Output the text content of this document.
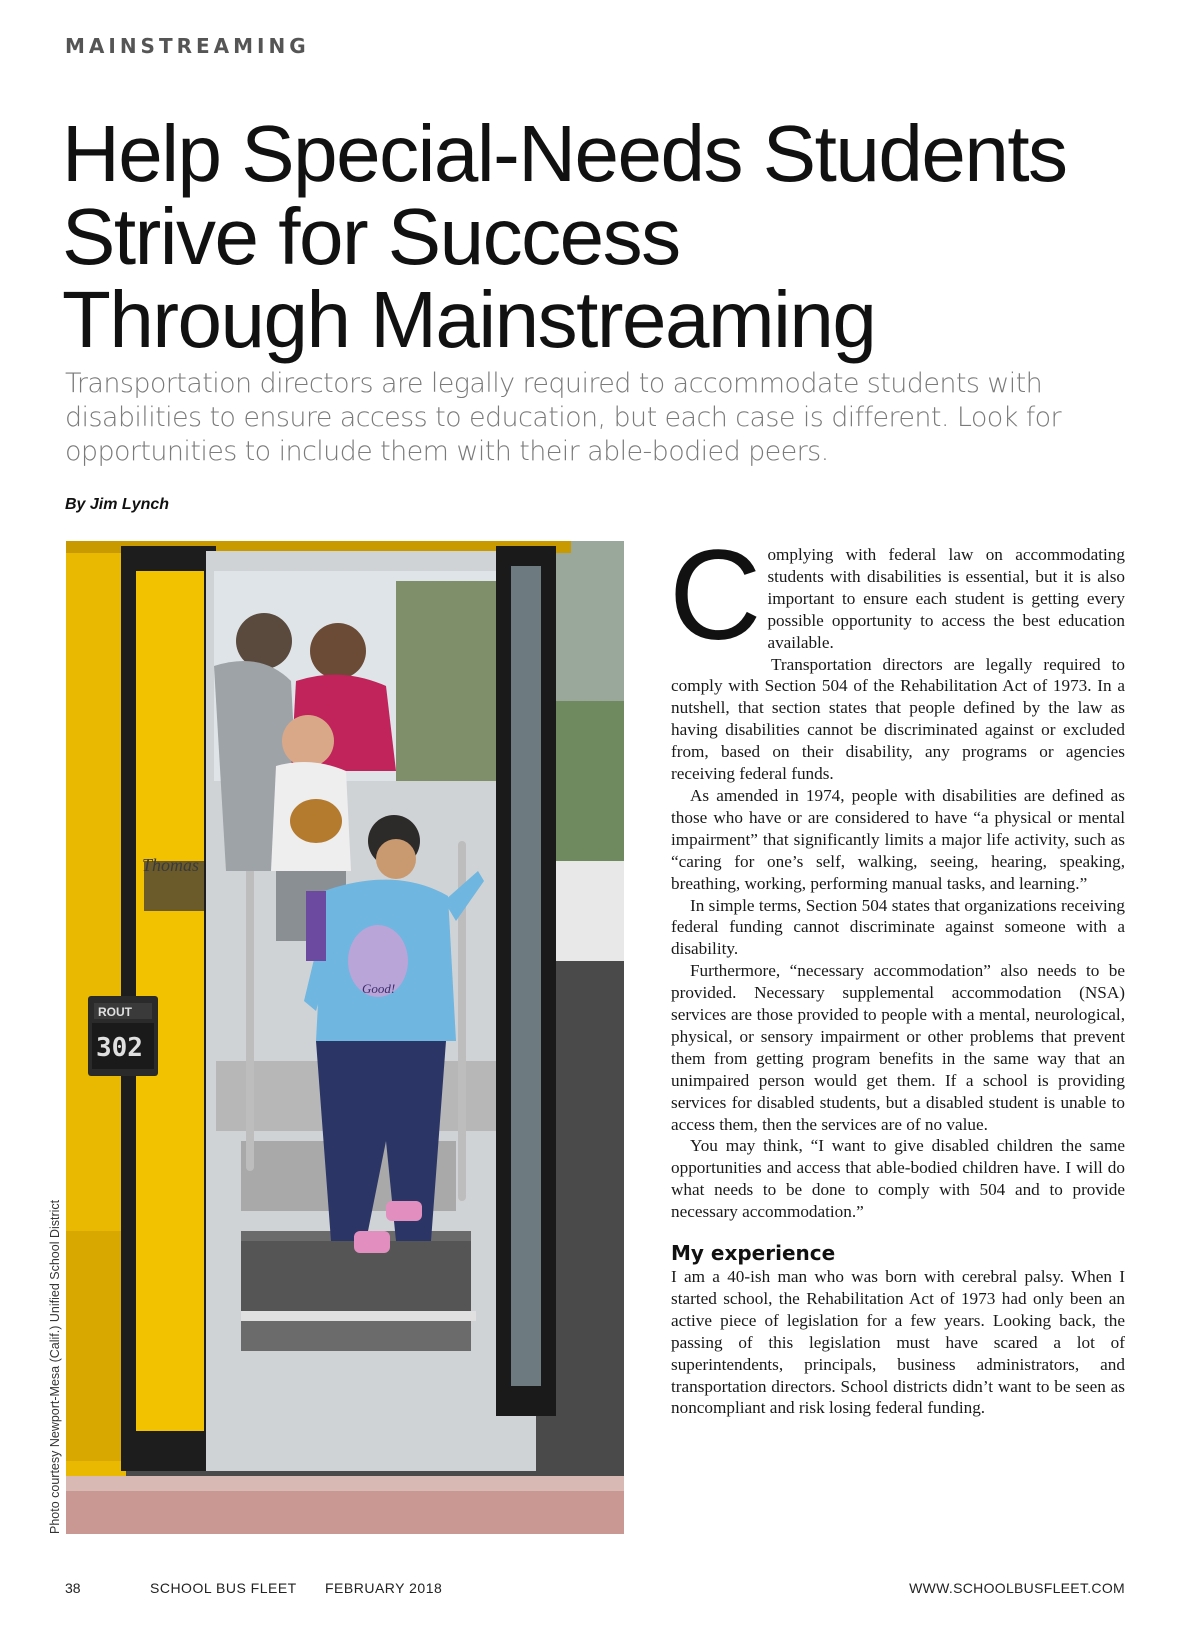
MAINSTREAMING
Help Special-Needs Students
Strive for Success
Through Mainstreaming
Transportation directors are legally required to accommodate students with
disabilities to ensure access to education, but each case is different. Look for
opportunities to include them with their able-bodied peers.
By Jim Lynch
Thomas
ROUT
302
Good!
Photo courtesy Newport-Mesa (Calif.) Unified School District

Complying with federal law on accommodating students with disabilities is essential, but it is also important to ensure each student is getting every possible opportunity to access the best education available.

Transportation directors are legally required to comply with Section 504 of the Rehabilitation Act of 1973. In a nutshell, that section states that people defined by the law as having disabilities cannot be discriminated against or excluded from, based on their disability, any programs or agencies receiving federal funds.

As amended in 1974, people with disabilities are defined as those who have or are considered to have “a physical or mental impairment” that significantly limits a major life activity, such as “caring for one’s self, walking, seeing, hearing, speaking, breathing, working, performing manual tasks, and learning.”

In simple terms, Section 504 states that organizations receiving federal funding cannot discriminate against someone with a disability.

Furthermore, “necessary accommodation” also needs to be provided. Necessary supplemental accommodation (NSA) services are those provided to people with a mental, neurological, physical, or sensory impairment or other problems that prevent them from getting program benefits in the same way that an unimpaired person would get them. If a school is providing services for disabled students, but a disabled student is unable to access them, then the services are of no value.

You may think, “I want to give disabled children the same opportunities and access that able-bodied children have. I will do what needs to be done to comply with 504 and to provide necessary accommodation.”

My experience

I am a 40-ish man who was born with cerebral palsy. When I started school, the Rehabilitation Act of 1973 had only been an active piece of legislation for a few years. Looking back, the passing of this legislation must have scared a lot of superintendents, principals, business administrators, and transportation directors. School districts didn’t want to be seen as noncompliant and risk losing federal funding.

38	SCHOOL BUS FLEET FEBRUARY 2018	WWW.SCHOOLBUSFLEET.COM
